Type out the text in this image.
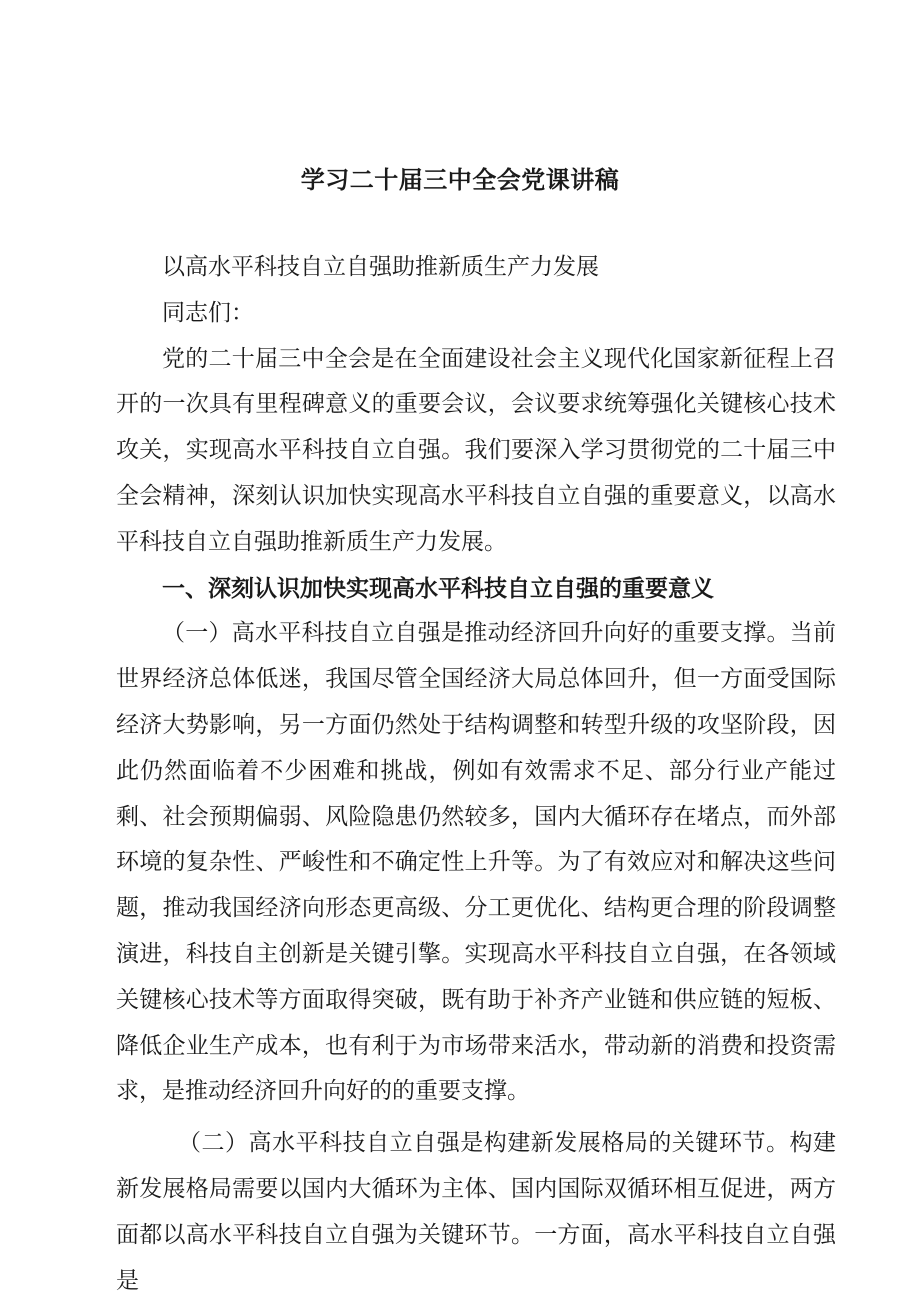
学习二十届三中全会党课讲稿

以高水平科技自立自强助推新质生产力发展

同志们：

党的二十届三中全会是在全面建设社会主义现代化国家新征程上召开的一次具有里程碑意义的重要会议，会议要求统筹强化关键核心技术攻关，实现高水平科技自立自强。我们要深入学习贯彻党的二十届三中全会精神，深刻认识加快实现高水平科技自立自强的重要意义，以高水平科技自立自强助推新质生产力发展。

一、深刻认识加快实现高水平科技自立自强的重要意义

（一）高水平科技自立自强是推动经济回升向好的重要支撑。当前世界经济总体低迷，我国尽管全国经济大局总体回升，但一方面受国际经济大势影响，另一方面仍然处于结构调整和转型升级的攻坚阶段，因此仍然面临着不少困难和挑战，例如有效需求不足、部分行业产能过剩、社会预期偏弱、风险隐患仍然较多，国内大循环存在堵点，而外部环境的复杂性、严峻性和不确定性上升等。为了有效应对和解决这些问题，推动我国经济向形态更高级、分工更优化、结构更合理的阶段调整演进，科技自主创新是关键引擎。实现高水平科技自立自强，在各领域关键核心技术等方面取得突破，既有助于补齐产业链和供应链的短板、降低企业生产成本，也有利于为市场带来活水，带动新的消费和投资需求，是推动经济回升向好的的重要支撑。

（二）高水平科技自立自强是构建新发展格局的关键环节。构建新发展格局需要以国内大循环为主体、国内国际双循环相互促进，两方面都以高水平科技自立自强为关键环节。一方面，高水平科技自立自强是
